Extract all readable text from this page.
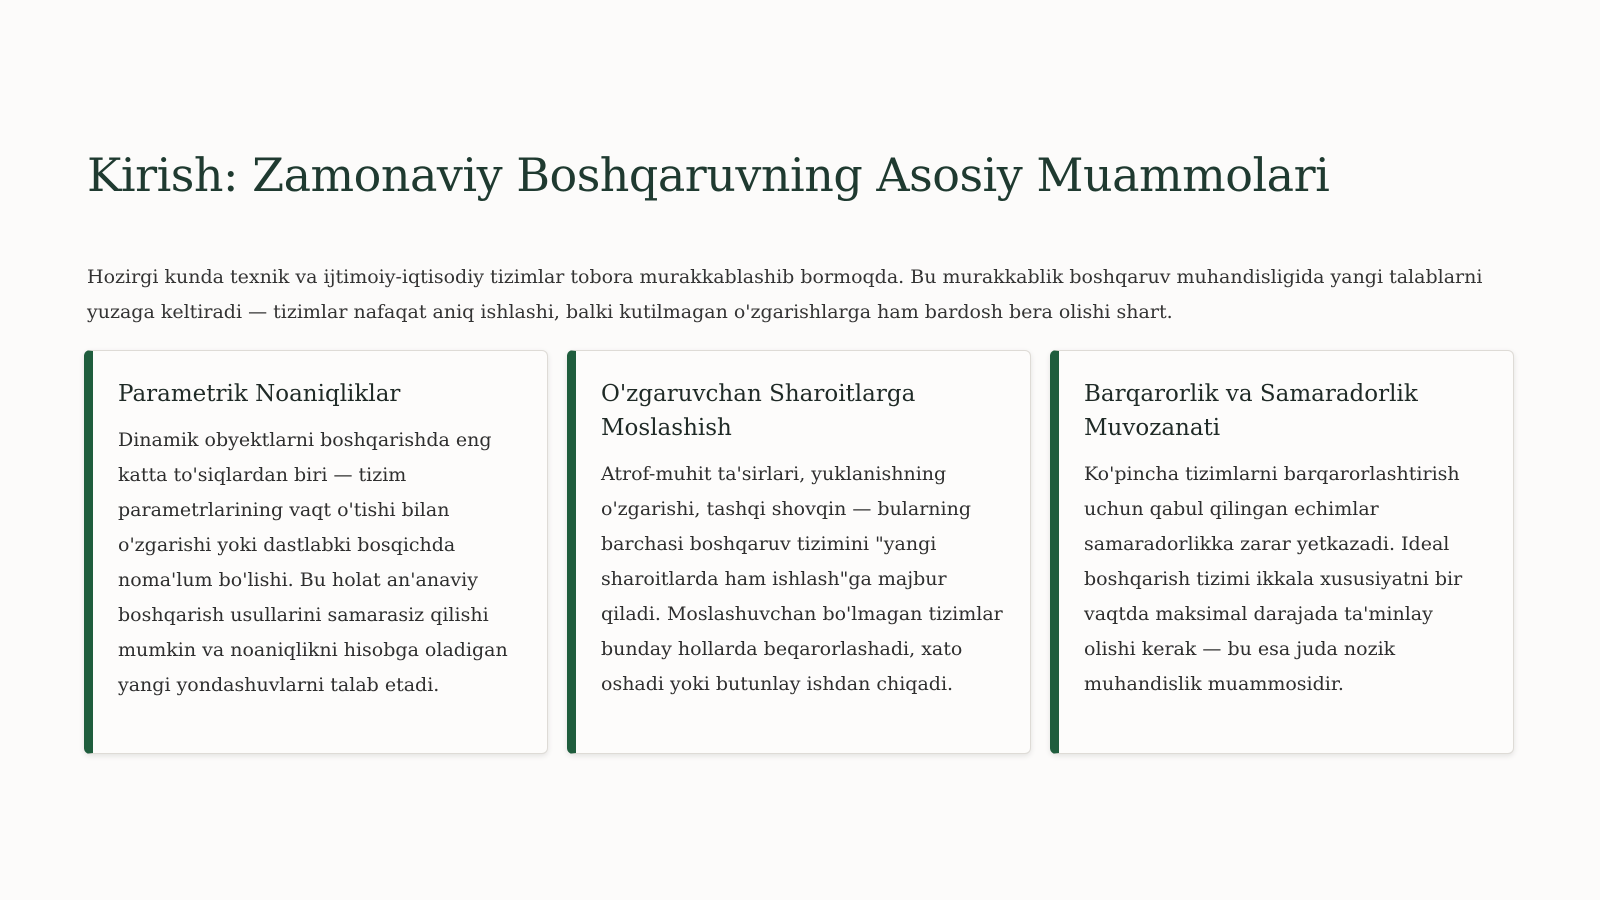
Kirish: Zamonaviy Boshqaruvning Asosiy Muammolari

Hozirgi kunda texnik va ijtimoiy-iqtisodiy tizimlar tobora murakkablashib bormoqda. Bu murakkablik boshqaruv muhandisligida yangi talablarni yuzaga keltiradi — tizimlar nafaqat aniq ishlashi, balki kutilmagan o'zgarishlarga ham bardosh bera olishi shart.

Parametrik Noaniqliklar

Dinamik obyektlarni boshqarishda eng katta to'siqlardan biri — tizim parametrlarining vaqt o'tishi bilan o'zgarishi yoki dastlabki bosqichda noma'lum bo'lishi. Bu holat an'anaviy boshqarish usullarini samarasiz qilishi mumkin va noaniqlikni hisobga oladigan yangi yondashuvlarni talab etadi.

O'zgaruvchan Sharoitlarga Moslashish

Atrof-muhit ta'sirlari, yuklanishning o'zgarishi, tashqi shovqin — bularning barchasi boshqaruv tizimini "yangi sharoitlarda ham ishlash"ga majbur qiladi. Moslashuvchan bo'lmagan tizimlar bunday hollarda beqarorlashadi, xato oshadi yoki butunlay ishdan chiqadi.

Barqarorlik va Samaradorlik Muvozanati

Ko'pincha tizimlarni barqarorlashtirish uchun qabul qilingan echimlar samaradorlikka zarar yetkazadi. Ideal boshqarish tizimi ikkala xususiyatni bir vaqtda maksimal darajada ta'minlay olishi kerak — bu esa juda nozik muhandislik muammosidir.
